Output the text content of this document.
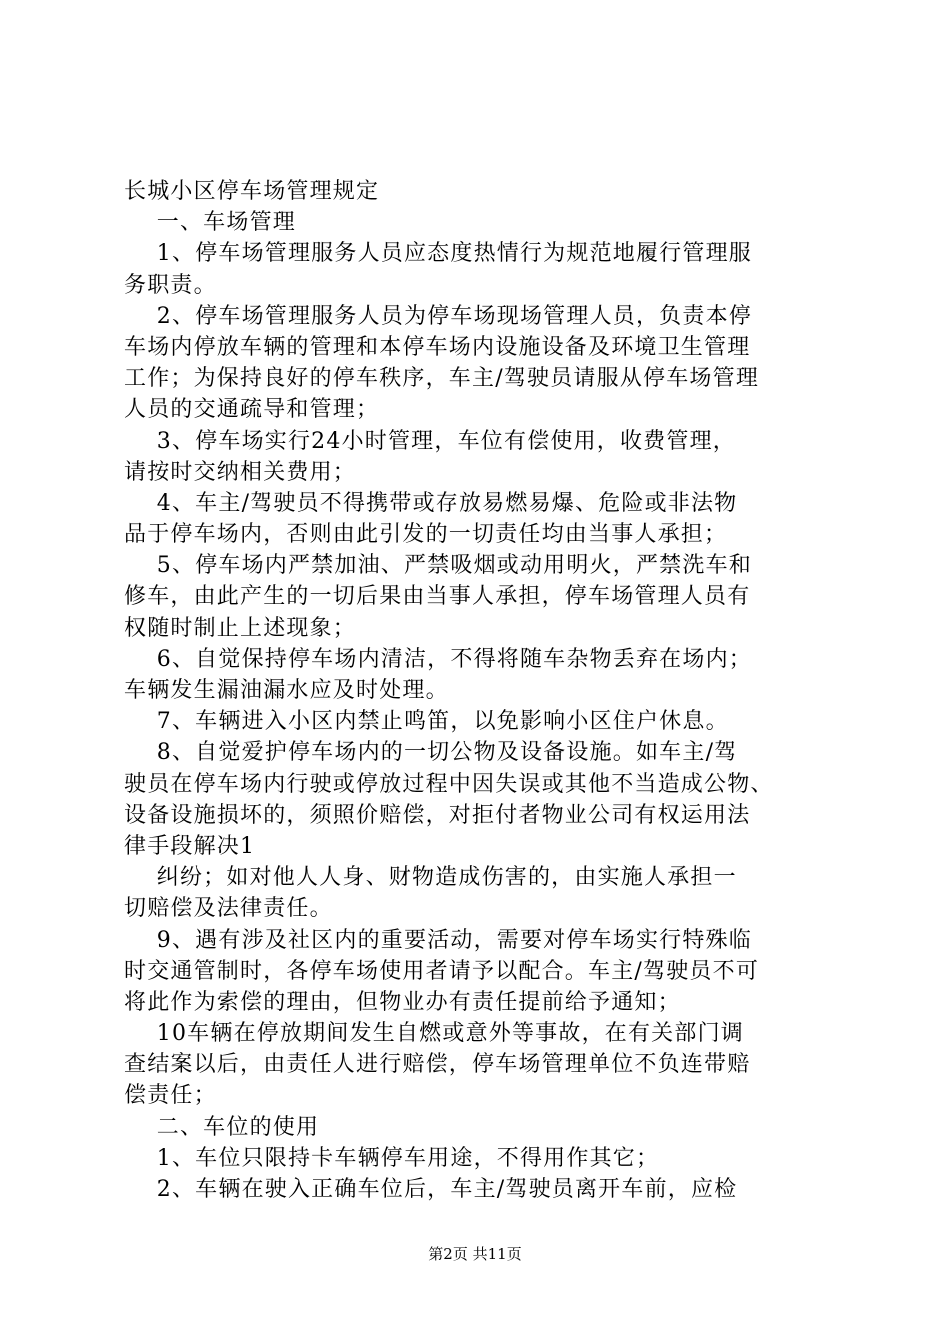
长城小区停车场管理规定
一、车场管理
1、停车场管理服务人员应态度热情行为规范地履行管理服
务职责。
2、停车场管理服务人员为停车场现场管理人员，负责本停
车场内停放车辆的管理和本停车场内设施设备及环境卫生管理
工作；为保持良好的停车秩序，车主/驾驶员请服从停车场管理
人员的交通疏导和管理；
3、停车场实行24小时管理，车位有偿使用，收费管理，
请按时交纳相关费用；
4、车主/驾驶员不得携带或存放易燃易爆、危险或非法物
品于停车场内，否则由此引发的一切责任均由当事人承担；
5、停车场内严禁加油、严禁吸烟或动用明火，严禁洗车和
修车，由此产生的一切后果由当事人承担，停车场管理人员有
权随时制止上述现象；
6、自觉保持停车场内清洁，不得将随车杂物丢弃在场内；
车辆发生漏油漏水应及时处理。
7、车辆进入小区内禁止鸣笛，以免影响小区住户休息。
8、自觉爱护停车场内的一切公物及设备设施。如车主/驾
驶员在停车场内行驶或停放过程中因失误或其他不当造成公物、
设备设施损坏的，须照价赔偿，对拒付者物业公司有权运用法
律手段解决1
纠纷；如对他人人身、财物造成伤害的，由实施人承担一
切赔偿及法律责任。
9、遇有涉及社区内的重要活动，需要对停车场实行特殊临
时交通管制时，各停车场使用者请予以配合。车主/驾驶员不可
将此作为索偿的理由，但物业办有责任提前给予通知；
10车辆在停放期间发生自燃或意外等事故，在有关部门调
查结案以后，由责任人进行赔偿，停车场管理单位不负连带赔
偿责任；
二、车位的使用
1、车位只限持卡车辆停车用途，不得用作其它；
2、车辆在驶入正确车位后，车主/驾驶员离开车前，应检
第2页 共11页
